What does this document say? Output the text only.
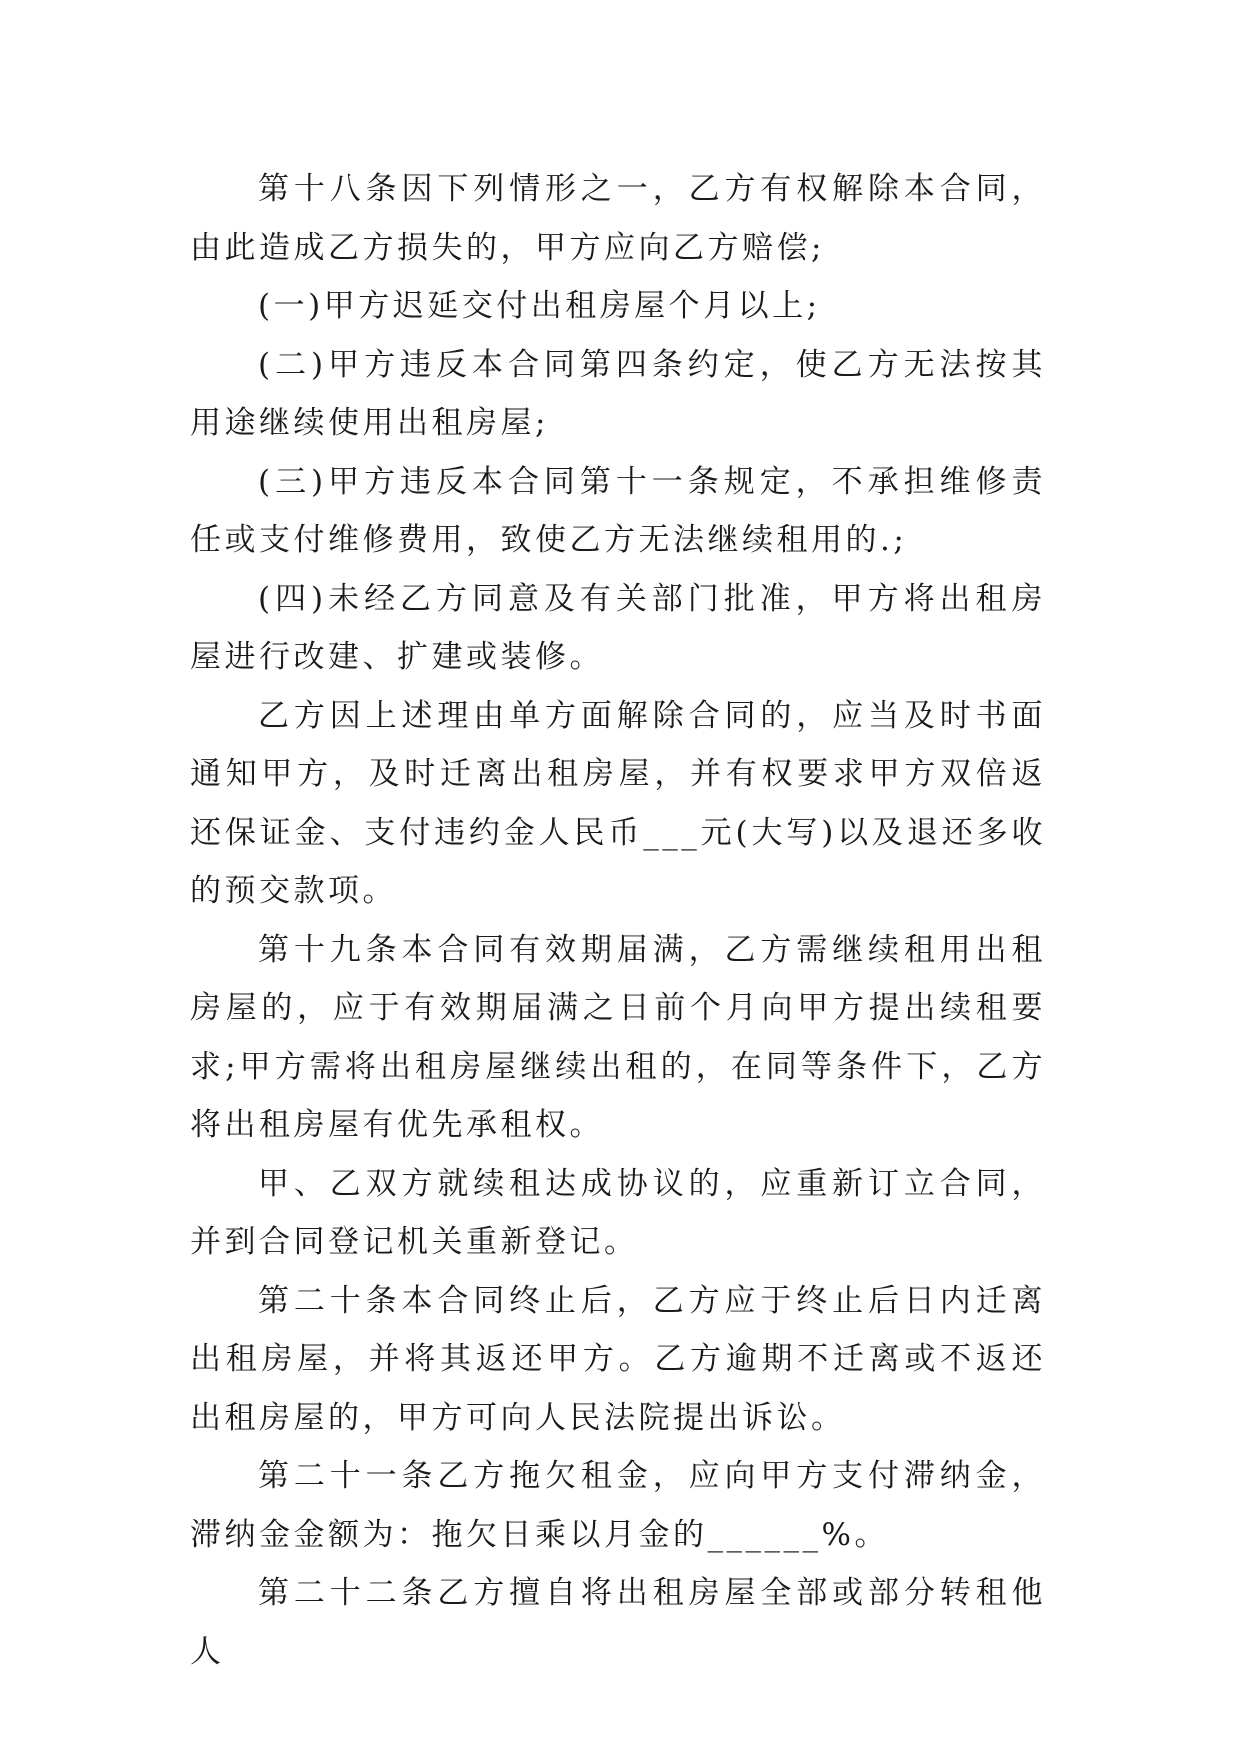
第十八条因下列情形之一，乙方有权解除本合同，由此造成乙方损失的，甲方应向乙方赔偿;

(一)甲方迟延交付出租房屋个月以上;

(二)甲方违反本合同第四条约定，使乙方无法按其用途继续使用出租房屋;

(三)甲方违反本合同第十一条规定，不承担维修责任或支付维修费用，致使乙方无法继续租用的.;

(四)未经乙方同意及有关部门批准，甲方将出租房屋进行改建、扩建或装修。

乙方因上述理由单方面解除合同的，应当及时书面通知甲方，及时迁离出租房屋，并有权要求甲方双倍返还保证金、支付违约金人民币___元(大写)以及退还多收的预交款项。

第十九条本合同有效期届满，乙方需继续租用出租房屋的，应于有效期届满之日前个月向甲方提出续租要求;甲方需将出租房屋继续出租的，在同等条件下，乙方将出租房屋有优先承租权。

甲、乙双方就续租达成协议的，应重新订立合同，并到合同登记机关重新登记。

第二十条本合同终止后，乙方应于终止后日内迁离出租房屋，并将其返还甲方。乙方逾期不迁离或不返还出租房屋的，甲方可向人民法院提出诉讼。

第二十一条乙方拖欠租金，应向甲方支付滞纳金，滞纳金金额为：拖欠日乘以月金的______%。

第二十二条乙方擅自将出租房屋全部或部分转租他人
